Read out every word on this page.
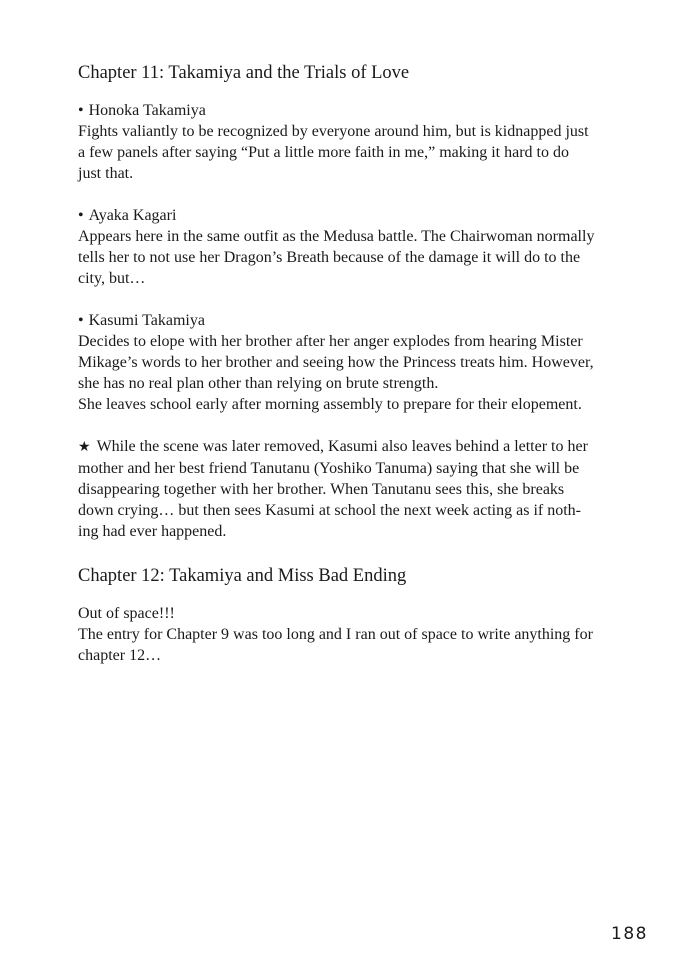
Chapter 11: Takamiya and the Trials of Love

• Honoka Takamiya

Fights valiantly to be recognized by everyone around him, but is kidnapped just

a few panels after saying “Put a little more faith in me,” making it hard to do

just that.

• Ayaka Kagari

Appears here in the same outfit as the Medusa battle. The Chairwoman normally

tells her to not use her Dragon’s Breath because of the damage it will do to the

city, but…

• Kasumi Takamiya

Decides to elope with her brother after her anger explodes from hearing Mister

Mikage’s words to her brother and seeing how the Princess treats him. However,

she has no real plan other than relying on brute strength.

She leaves school early after morning assembly to prepare for their elopement.

★ While the scene was later removed, Kasumi also leaves behind a letter to her

mother and her best friend Tanutanu (Yoshiko Tanuma) saying that she will be

disappearing together with her brother. When Tanutanu sees this, she breaks

down crying… but then sees Kasumi at school the next week acting as if noth-

ing had ever happened.

Chapter 12: Takamiya and Miss Bad Ending

Out of space!!!

The entry for Chapter 9 was too long and I ran out of space to write anything for

chapter 12…

188
